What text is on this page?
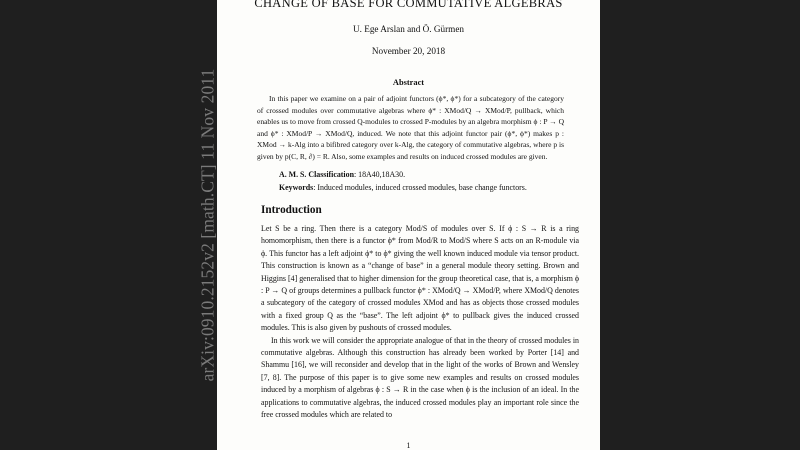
arXiv:0910.2152v2 [math.CT] 11 Nov 2011
CHANGE OF BASE FOR COMMUTATIVE ALGEBRAS
U. Ege Arslan and Ö. Gürmen
November 20, 2018
Abstract
In this paper we examine on a pair of adjoint functors (ϕ*, ϕ*) for a subcategory of the category of crossed modules over commutative algebras where ϕ* : XMod/Q → XMod/P, pullback, which enables us to move from crossed Q-modules to crossed P-modules by an algebra morphism ϕ : P → Q and ϕ* : XMod/P → XMod/Q, induced. We note that this adjoint functor pair (ϕ*, ϕ*) makes p : XMod → k-Alg into a bifibred category over k-Alg, the category of commutative algebras, where p is given by p(C, R, ∂) = R. Also, some examples and results on induced crossed modules are given.
A. M. S. Classification: 18A40,18A30.
Keywords: Induced modules, induced crossed modules, base change functors.
Introduction

Let S be a ring. Then there is a category Mod/S of modules over S. If ϕ : S → R is a ring homomorphism, then there is a functor ϕ* from Mod/R to Mod/S where S acts on an R-module via ϕ. This functor has a left adjoint ϕ* to ϕ* giving the well known induced module via tensor product. This construction is known as a “change of base” in a general module theory setting. Brown and Higgins [4] generalised that to higher dimension for the group theoretical case, that is, a morphism ϕ : P → Q of groups determines a pullback functor ϕ* : XMod/Q → XMod/P, where XMod/Q denotes a subcategory of the category of crossed modules XMod and has as objects those crossed modules with a fixed group Q as the “base”. The left adjoint ϕ* to pullback gives the induced crossed modules. This is also given by pushouts of crossed modules.

In this work we will consider the appropriate analogue of that in the theory of crossed modules in commutative algebras. Although this construction has already been worked by Porter [14] and Shammu [16], we will reconsider and develop that in the light of the works of Brown and Wensley [7, 8]. The purpose of this paper is to give some new examples and results on crossed modules induced by a morphism of algebras ϕ : S → R in the case when ϕ is the inclusion of an ideal. In the applications to commutative algebras, the induced crossed modules play an important role since the free crossed modules which are related to

1
